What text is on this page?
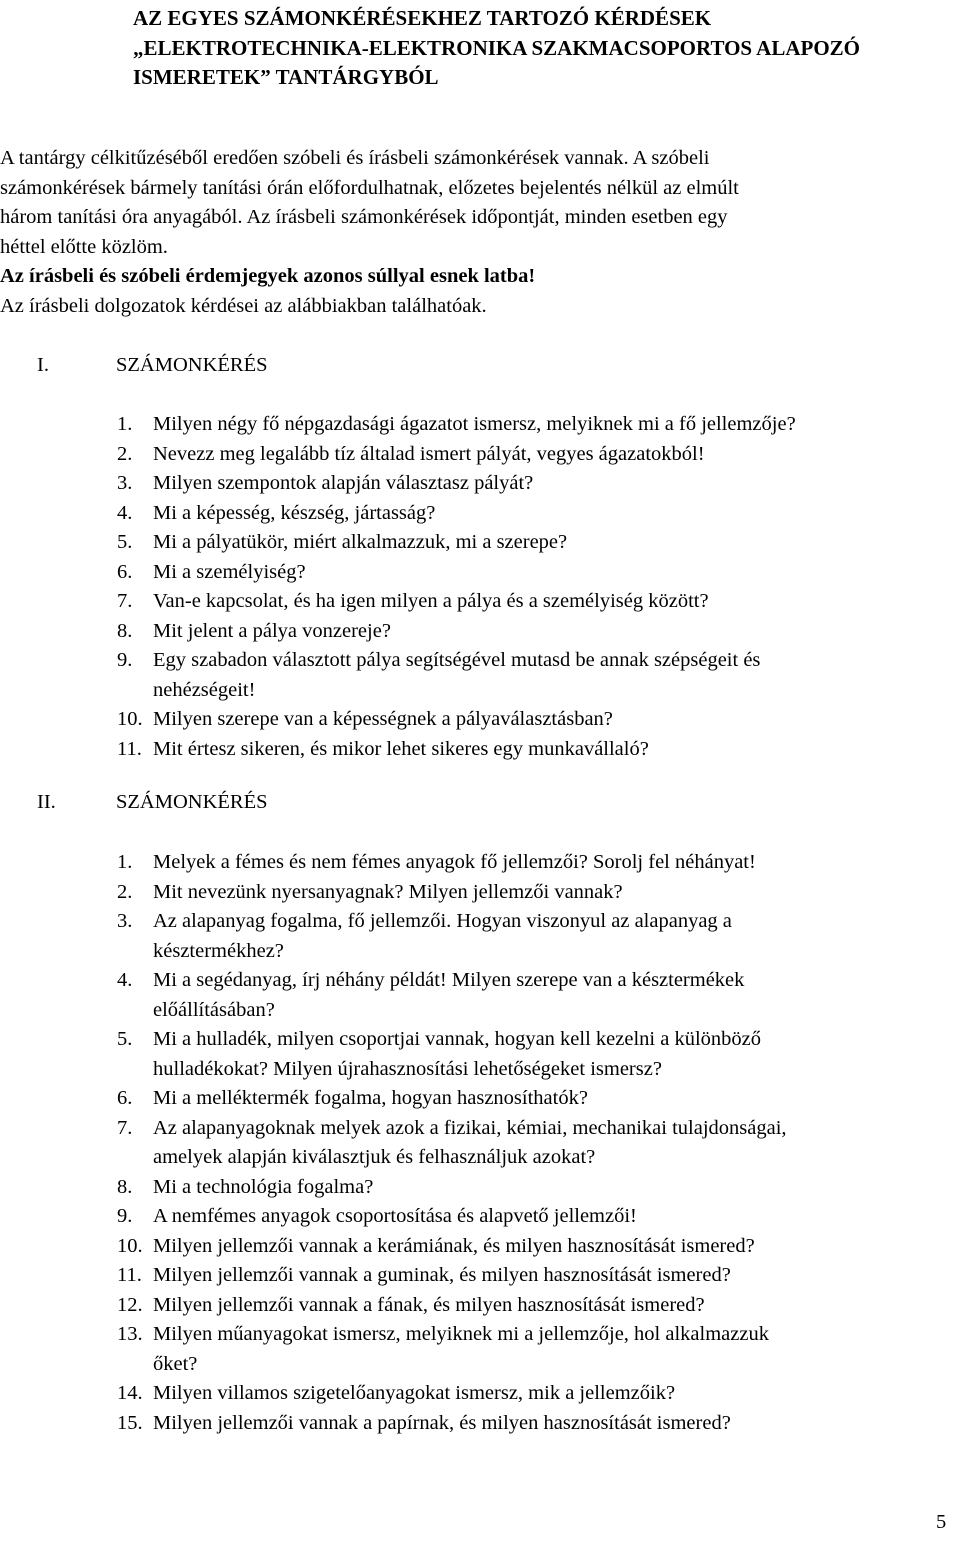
AZ EGYES SZÁMONKÉRÉSEKHEZ TARTOZÓ KÉRDÉSEK
„ELEKTROTECHNIKA-ELEKTRONIKA SZAKMACSOPORTOS ALAPOZÓ
ISMERETEK” TANTÁRGYBÓL
A tantárgy célkitűzéséből eredően szóbeli és írásbeli számonkérések vannak. A szóbeli
számonkérések bármely tanítási órán előfordulhatnak, előzetes bejelentés nélkül az elmúlt
három tanítási óra anyagából. Az írásbeli számonkérések időpontját, minden esetben egy
héttel előtte közlöm.
Az írásbeli és szóbeli érdemjegyek azonos súllyal esnek latba!
Az írásbeli dolgozatok kérdései az alábbiakban találhatóak.
I.	SZÁMONKÉRÉS
1. Milyen négy fő népgazdasági ágazatot ismersz, melyiknek mi a fő jellemzője?
2. Nevezz meg legalább tíz általad ismert pályát, vegyes ágazatokból!
3. Milyen szempontok alapján választasz pályát?
4. Mi a képesség, készség, jártasság?
5. Mi a pályatükör, miért alkalmazzuk, mi a szerepe?
6. Mi a személyiség?
7. Van-e kapcsolat, és ha igen milyen a pálya és a személyiség között?
8. Mit jelent a pálya vonzereje?
9. Egy szabadon választott pálya segítségével mutasd be annak szépségeit és
nehézségeit!
10. Milyen szerepe van a képességnek a pályaválasztásban?
11. Mit értesz sikeren, és mikor lehet sikeres egy munkavállaló?
II.	SZÁMONKÉRÉS
1. Melyek a fémes és nem fémes anyagok fő jellemzői? Sorolj fel néhányat!
2. Mit nevezünk nyersanyagnak? Milyen jellemzői vannak?
3. Az alapanyag fogalma, fő jellemzői. Hogyan viszonyul az alapanyag a
késztermékhez?
4. Mi a segédanyag, írj néhány példát! Milyen szerepe van a késztermékek
előállításában?
5. Mi a hulladék, milyen csoportjai vannak, hogyan kell kezelni a különböző
hulladékokat? Milyen újrahasznosítási lehetőségeket ismersz?
6. Mi a melléktermék fogalma, hogyan hasznosíthatók?
7. Az alapanyagoknak melyek azok a fizikai, kémiai, mechanikai tulajdonságai,
amelyek alapján kiválasztjuk és felhasználjuk azokat?
8. Mi a technológia fogalma?
9. A nemfémes anyagok csoportosítása és alapvető jellemzői!
10. Milyen jellemzői vannak a kerámiának, és milyen hasznosítását ismered?
11. Milyen jellemzői vannak a guminak, és milyen hasznosítását ismered?
12. Milyen jellemzői vannak a fának, és milyen hasznosítását ismered?
13. Milyen műanyagokat ismersz, melyiknek mi a jellemzője, hol alkalmazzuk
őket?
14. Milyen villamos szigetelőanyagokat ismersz, mik a jellemzőik?
15. Milyen jellemzői vannak a papírnak, és milyen hasznosítását ismered?
5
